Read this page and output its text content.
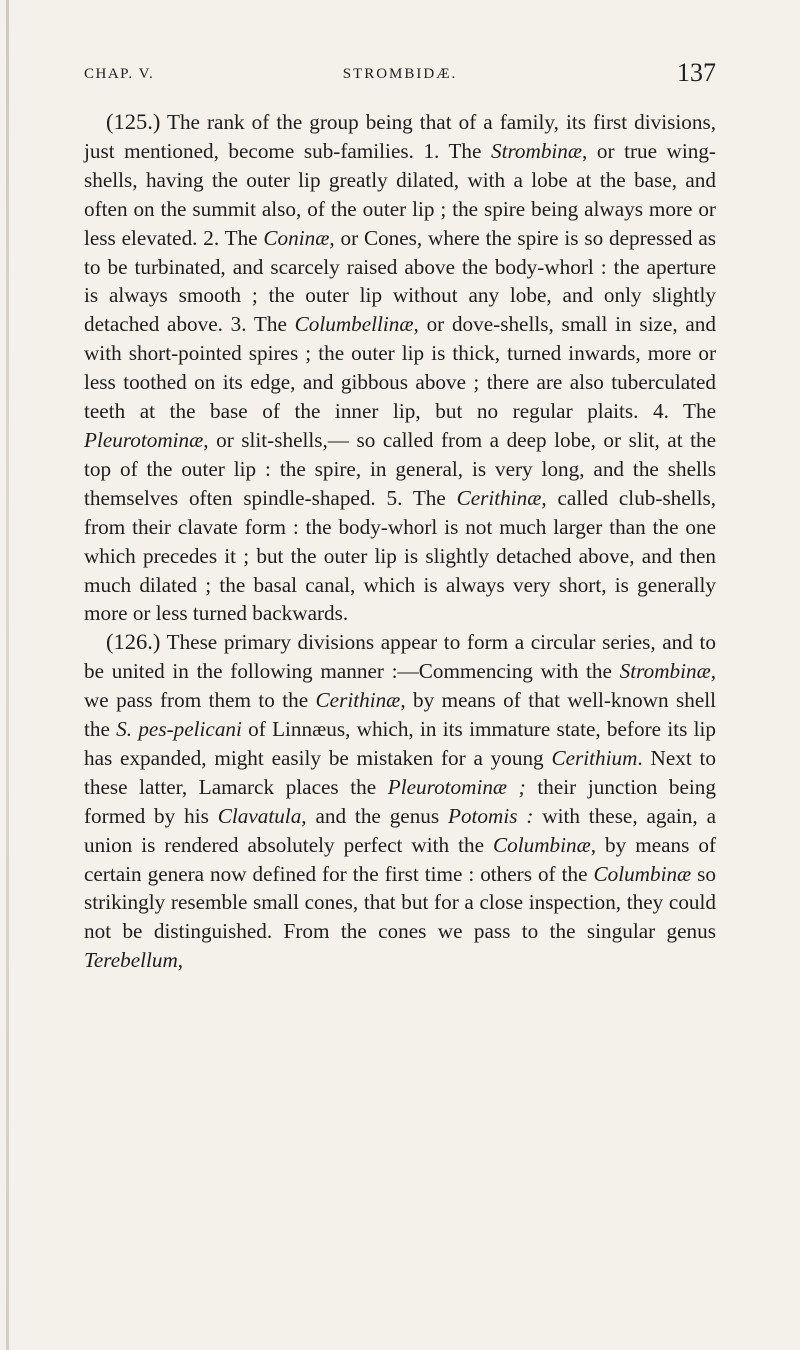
CHAP. V.	STROMBIDÆ.	137

(125.) The rank of the group being that of a family, its first divisions, just mentioned, become sub-families. 1. The Strombinæ, or true wing-shells, having the outer lip greatly dilated, with a lobe at the base, and often on the summit also, of the outer lip ; the spire being always more or less elevated. 2. The Coninæ, or Cones, where the spire is so depressed as to be turbinated, and scarcely raised above the body-whorl : the aperture is always smooth ; the outer lip without any lobe, and only slightly detached above. 3. The Columbellinæ, or dove-shells, small in size, and with short-pointed spires ; the outer lip is thick, turned inwards, more or less toothed on its edge, and gibbous above ; there are also tuberculated teeth at the base of the inner lip, but no regular plaits. 4. The Pleurotominæ, or slit-shells,— so called from a deep lobe, or slit, at the top of the outer lip : the spire, in general, is very long, and the shells themselves often spindle-shaped. 5. The Cerithinæ, called club-shells, from their clavate form : the body-whorl is not much larger than the one which precedes it ; but the outer lip is slightly detached above, and then much dilated ; the basal canal, which is always very short, is generally more or less turned backwards.

(126.) These primary divisions appear to form a circular series, and to be united in the following manner :—Commencing with the Strombinæ, we pass from them to the Cerithinæ, by means of that well-known shell the S. pes-pelicani of Linnæus, which, in its immature state, before its lip has expanded, might easily be mistaken for a young Cerithium. Next to these latter, Lamarck places the Pleurotominæ ; their junction being formed by his Clavatula, and the genus Potomis : with these, again, a union is rendered absolutely perfect with the Columbinæ, by means of certain genera now defined for the first time : others of the Columbinæ so strikingly resemble small cones, that but for a close inspection, they could not be distinguished. From the cones we pass to the singular genus Terebellum,
